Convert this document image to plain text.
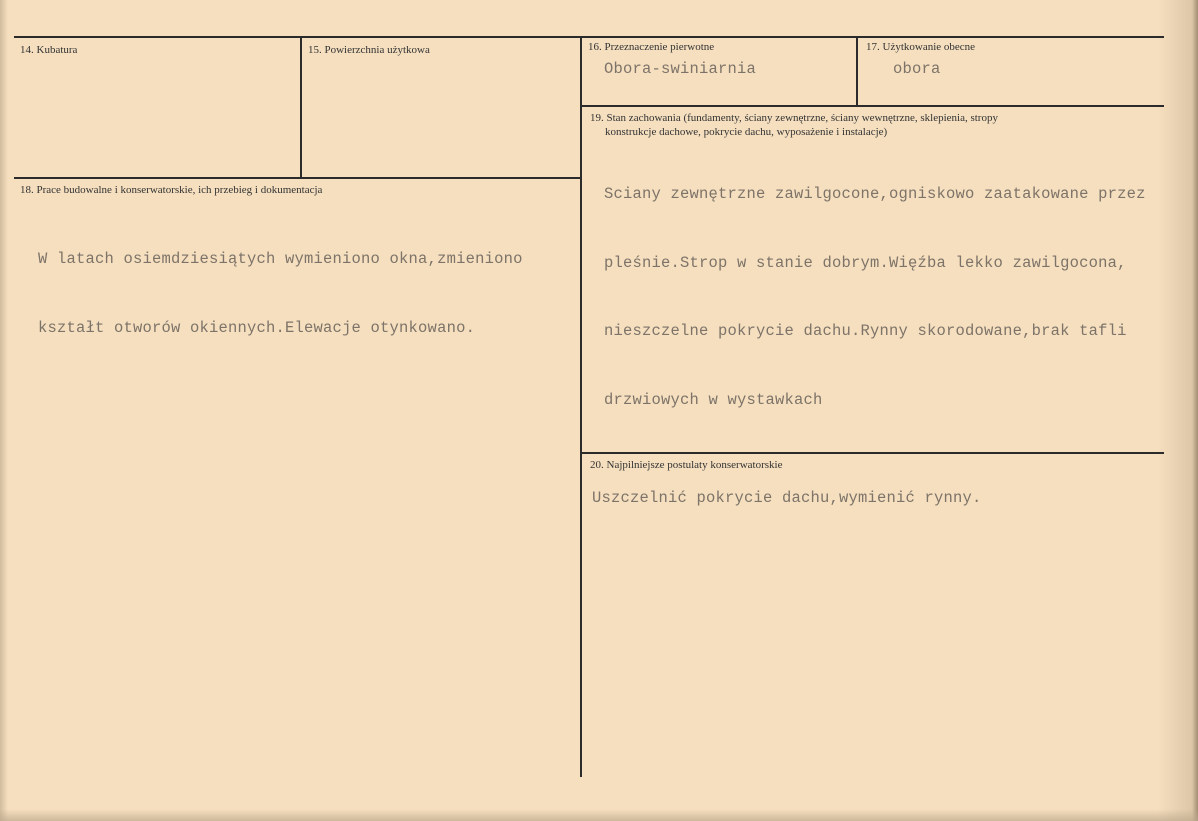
14. Kubatura	15. Powierzchnia użytkowa	16. Przeznaczenie pierwotne
Obora-swiniarnia
17. Użytkowanie obecne
obora
19. Stan zachowania (fundamenty, ściany zewnętrzne, ściany wewnętrzne, sklepienia, stropy
konstrukcje dachowe, pokrycie dachu, wyposażenie i instalacje)

Sciany zewnętrzne zawilgocone,ogniskowo zaatakowane przez

pleśnie.Strop w stanie dobrym.Więźba lekko zawilgocona,

nieszczelne pokrycie dachu.Rynny skorodowane,brak tafli

drzwiowych w wystawkach

18. Prace budowalne i konserwatorskie, ich przebieg i dokumentacja

W latach osiemdziesiątych wymieniono okna,zmieniono

kształt otworów okiennych.Elewacje otynkowano.

20. Najpilniejsze postulaty konserwatorskie
Uszczelnić pokrycie dachu,wymienić rynny.
